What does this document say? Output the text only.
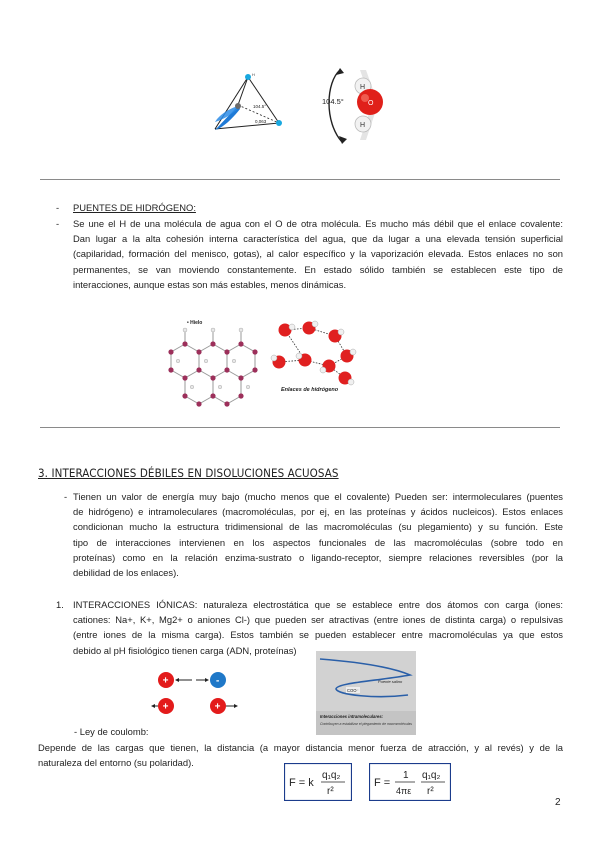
104.5°
0,063
H
H
H
O
104.5°
- PUENTES DE HIDRÓGENO:
- Se une el H de una molécula de agua con el O de otra molécula. Es mucho más débil que el enlace covalente:
Dan lugar a la alta cohesión interna característica del agua, que da lugar a una elevada tensión superficial
(capilaridad, formación del menisco, gotas), al calor específico y la vaporización elevada. Estos enlaces no son
permanentes, se van moviendo constantemente. En estado sólido también se establecen este tipo de
interacciones, aunque estas son más estables, menos dinámicas.
• Hielo
Enlaces de hidrógeno
3. INTERACCIONES DÉBILES EN DISOLUCIONES ACUOSAS
- Tienen un valor de energía muy bajo (mucho menos que el covalente) Pueden ser: intermoleculares (puentes
de hidrógeno) e intramoleculares (macromoléculas, por ej, en las proteínas y ácidos nucleicos). Estos enlaces
condicionan mucho la estructura tridimensional de las macromoléculas (su plegamiento) y su función. Este
tipo de interacciones intervienen en los aspectos funcionales de las macromoléculas (sobre todo en
proteínas) como en la relación enzima-sustrato o ligando-receptor, siempre relaciones reversibles (por la
debilidad de los enlaces).
1. INTERACCIONES IÓNICAS: naturaleza electrostática que se establece entre dos átomos con carga (iones:
cationes: Na+, K+, Mg2+ o aniones Cl-) que pueden ser atractivas (entre iones de distinta carga) o repulsivas
(entre iones de la misma carga). Estos también se pueden establecer entre macromoléculas ya que estos
debido al pH fisiológico tienen carga (ADN, proteínas)
+	-
+	+
COO⁻
Puente salino
Interacciones intramoleculares:
Contribuyen a estabilizar el plegamiento de macromoléculas
- Ley de coulomb:
Depende de las cargas que tienen, la distancia (a mayor distancia menor fuerza de atracción, y al revés) y de la
naturaleza del entorno (su polaridad).
F = k
q₁q₂
r²
F =
1
4πε
q₁q₂
r²
2
